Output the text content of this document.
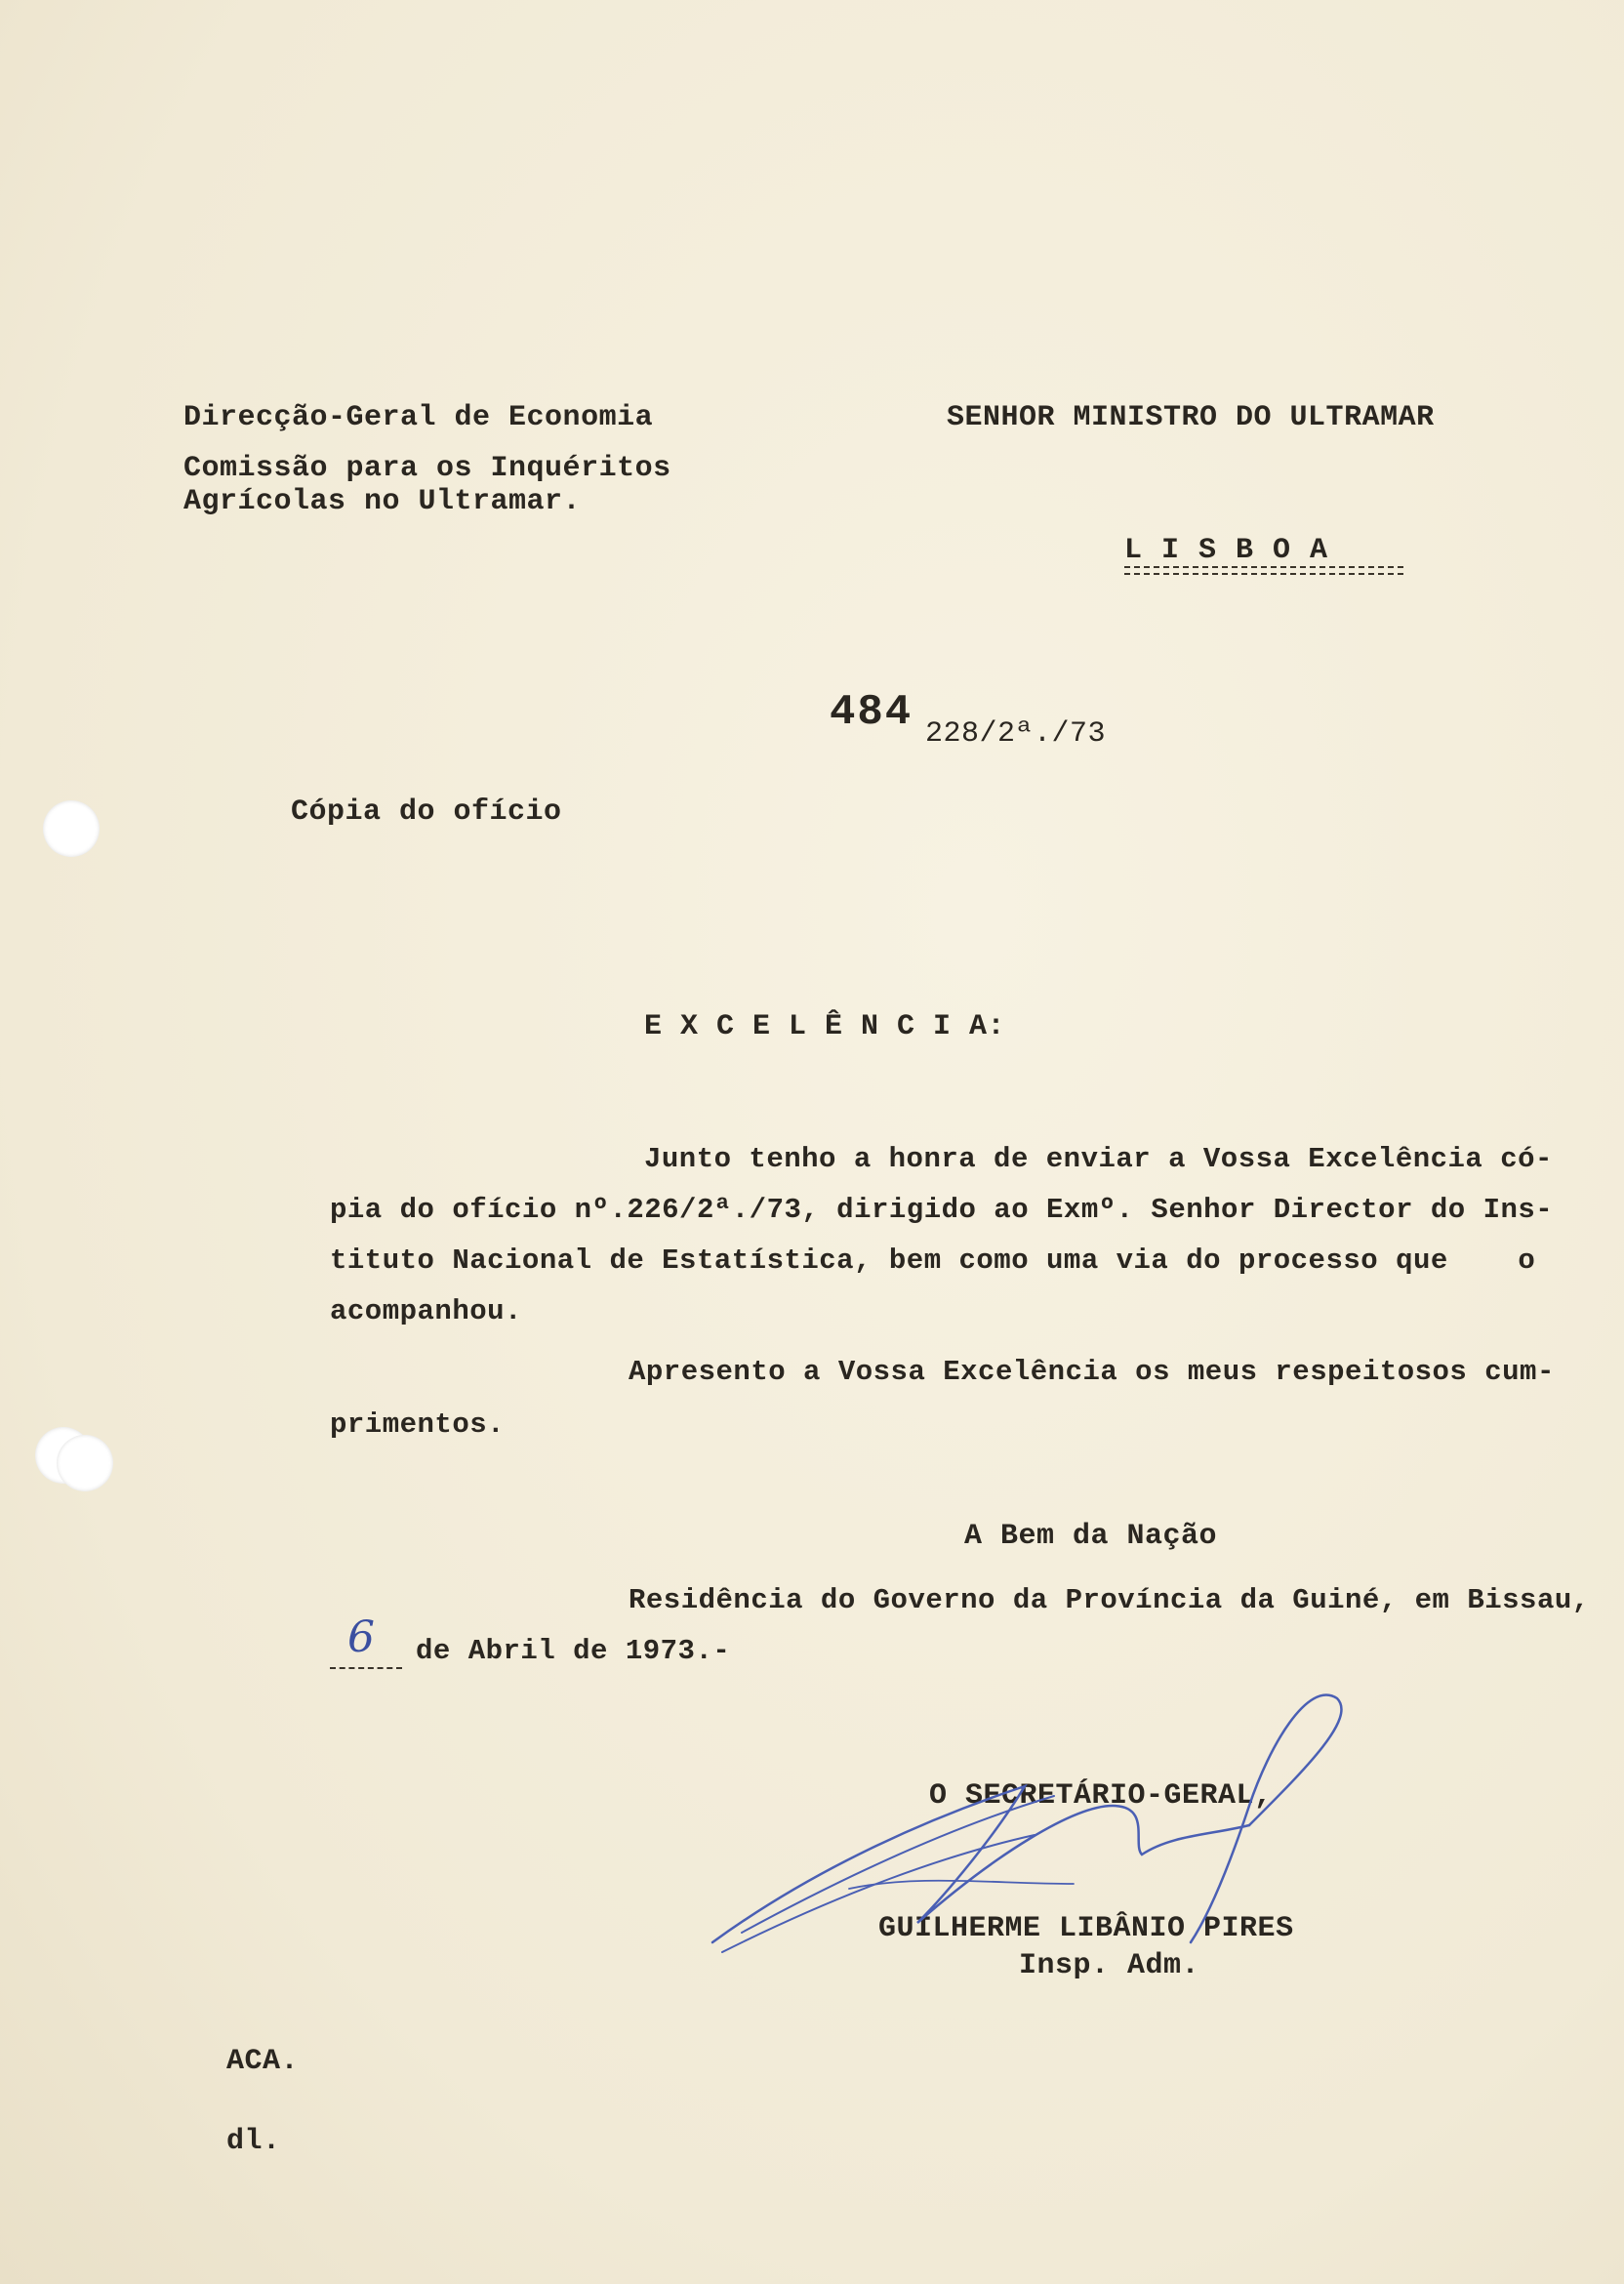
Direcção-Geral de Economia
Comissão para os Inquéritos
Agrícolas no Ultramar.
SENHOR MINISTRO DO ULTRAMAR
L I S B O A
484 228/2ª./73
Cópia do ofício
E X C E L Ê N C I A:
Junto tenho a honra de enviar a Vossa Excelência có-
pia do ofício nº.226/2ª./73, dirigido ao Exmº. Senhor Director do Ins-
tituto Nacional de Estatística, bem como uma via do processo que    o
acompanhou.
Apresento a Vossa Excelência os meus respeitosos cum-
primentos.
A Bem da Nação
Residência do Governo da Província da Guiné, em Bissau,
6 de Abril de 1973.-
O SECRETÁRIO-GERAL,
GUILHERME LIBÂNIO PIRES
Insp. Adm.
ACA.
dl.
